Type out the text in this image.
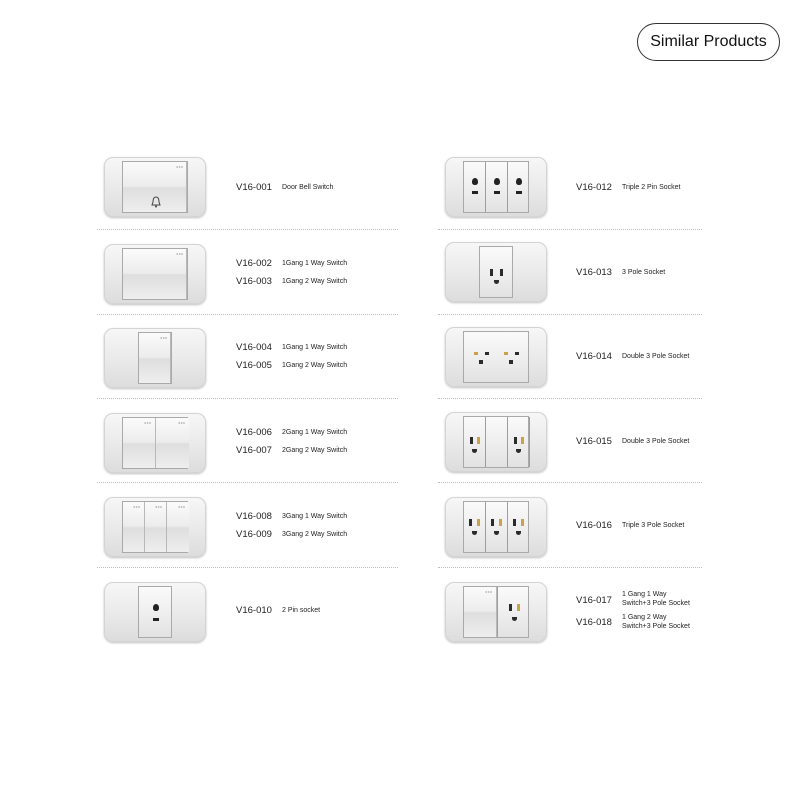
Similar Products
V16-001 Door Bell Switch
V16-002 1Gang 1 Way Switch
V16-003 1Gang 2 Way Switch
V16-004 1Gang 1 Way Switch
V16-005 1Gang 2 Way Switch
V16-006 2Gang 1 Way Switch
V16-007 2Gang 2 Way Switch
V16-008 3Gang 1 Way Switch
V16-009 3Gang 2 Way Switch
V16-010 2 Pin socket
V16-012 Triple 2 Pin Socket
V16-013 3 Pole Socket
V16-014 Double 3 Pole Socket
V16-015 Double 3 Pole Socket
V16-016 Triple 3 Pole Socket
V16-017
1 Gang 1 Way
Switch+3 Pole Socket
V16-018 1 Gang 2 Way
Switch+3 Pole Socket
